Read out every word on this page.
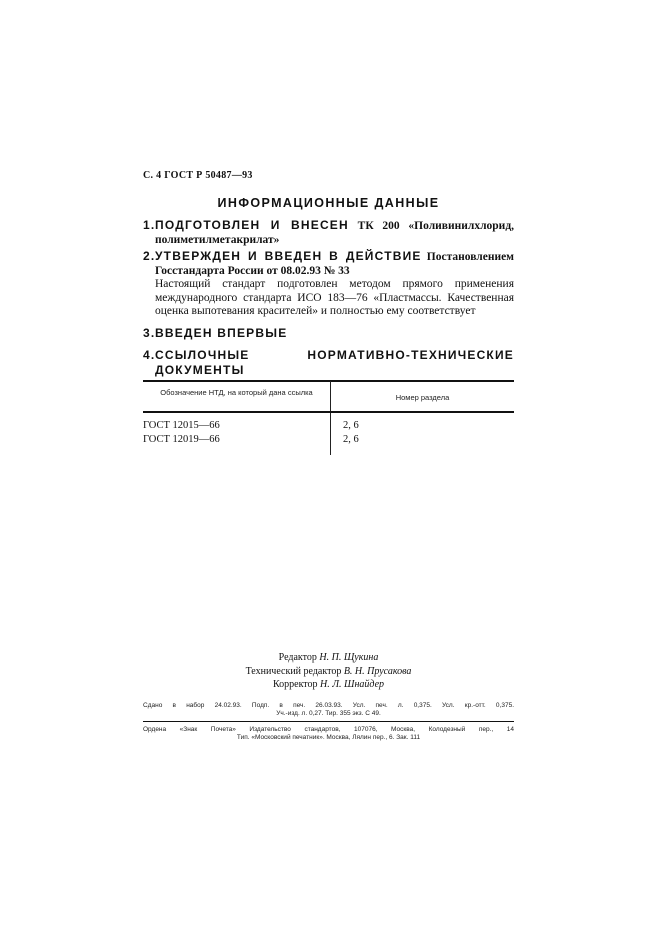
С. 4 ГОСТ Р 50487—93
ИНФОРМАЦИОННЫЕ ДАННЫЕ
1. ПОДГОТОВЛЕН И ВНЕСЕН ТК 200 «Поливинилхлорид, полиметилметакрилат»
2. УТВЕРЖДЕН И ВВЕДЕН В ДЕЙСТВИЕ Постановлением Госстандарта России от 08.02.93 № 33
Настоящий стандарт подготовлен методом прямого применения международного стандарта ИСО 183—76 «Пластмассы. Качественная оценка выпотевания красителей» и полностью ему соответствует
3. ВВЕДЕН ВПЕРВЫЕ
4. ССЫЛОЧНЫЕ НОРМАТИВНО-ТЕХНИЧЕСКИЕ ДОКУМЕНТЫ
Обозначение НТД, на который дана ссылка
Номер раздела
ГОСТ 12015—66	2, 6
ГОСТ 12019—66	2, 6
Редактор Н. П. Щукина
Технический редактор В. Н. Прусакова
Корректор Н. Л. Шнайдер
Сдано в набор 24.02.93. Подп. в печ. 26.03.93. Усл. печ. л. 0,375. Усл. кр.-отт. 0,375.
Уч.-изд. л. 0,27. Тир. 355 экз. С 49.
Ордена «Знак Почета» Издательство стандартов, 107076, Москва, Колодезный пер., 14
Тип. «Московский печатник». Москва, Лялин пер., 6. Зак. 111
